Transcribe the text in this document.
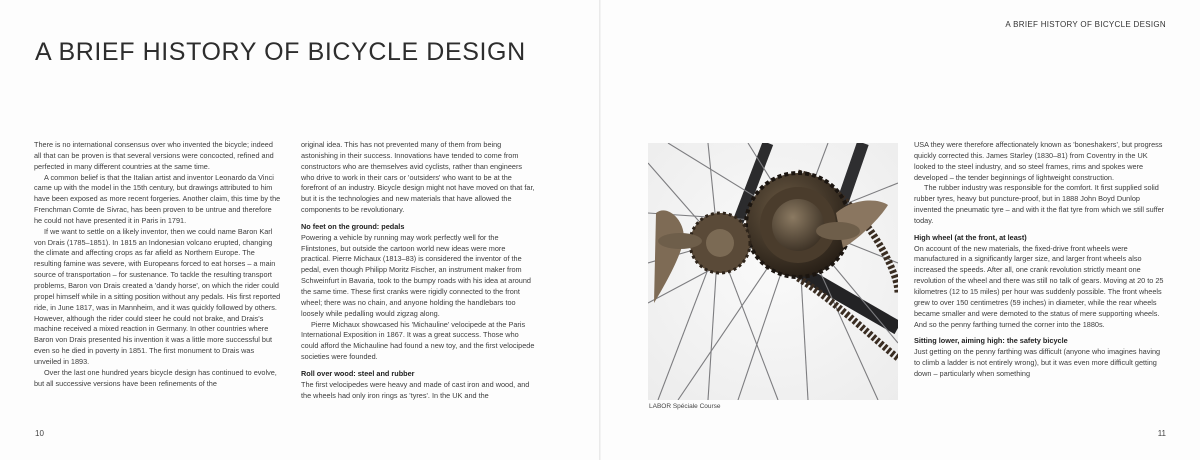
A BRIEF HISTORY OF BICYCLE DESIGN
A BRIEF HISTORY OF BICYCLE DESIGN

There is no international consensus over who invented the bicycle; indeed all that can be proven is that several versions were concocted, refined and perfected in many different countries at the same time.

A common belief is that the Italian artist and inventor Leonardo da Vinci came up with the model in the 15th century, but drawings attributed to him have been exposed as more recent forgeries. Another claim, this time by the Frenchman Comte de Sivrac, has been proven to be untrue and therefore he could not have presented it in Paris in 1791.

If we want to settle on a likely inventor, then we could name Baron Karl von Drais (1785–1851). In 1815 an Indonesian volcano erupted, changing the climate and affecting crops as far afield as Northern Europe. The resulting famine was severe, with Europeans forced to eat horses – a main source of transportation – for sustenance. To tackle the resulting transport problems, Baron von Drais created a 'dandy horse', on which the rider could propel himself while in a sitting position without any pedals. His first reported ride, in June 1817, was in Mannheim, and it was quickly followed by others. However, although the rider could steer he could not brake, and Drais's machine received a mixed reaction in Germany. In other countries where Baron von Drais presented his invention it was a little more successful but even so he died in poverty in 1851. The first monument to Drais was unveiled in 1893.

Over the last one hundred years bicycle design has continued to evolve, but all successive versions have been refinements of the

original idea. This has not prevented many of them from being astonishing in their success. Innovations have tended to come from constructors who are themselves avid cyclists, rather than engineers who drive to work in their cars or 'outsiders' who want to be at the forefront of an industry. Bicycle design might not have moved on that far, but it is the technologies and new materials that have allowed the components to be revolutionary.

No feet on the ground: pedals

Powering a vehicle by running may work perfectly well for the Flintstones, but outside the cartoon world new ideas were more practical. Pierre Michaux (1813–83) is considered the inventor of the pedal, even though Philipp Moritz Fischer, an instrument maker from Schweinfurt in Bavaria, took to the bumpy roads with his idea at around the same time. These first cranks were rigidly connected to the front wheel; there was no chain, and anyone holding the handlebars too loosely while pedalling would zigzag along.

Pierre Michaux showcased his 'Michauline' velocipede at the Paris International Exposition in 1867. It was a great success. Those who could afford the Michauline had found a new toy, and the first velocipede societies were founded.

Roll over wood: steel and rubber

The first velocipedes were heavy and made of cast iron and wood, and the wheels had only iron rings as 'tyres'. In the UK and the

LABOR Spéciale Course

USA they were therefore affectionately known as 'boneshakers', but progress quickly corrected this. James Starley (1830–81) from Coventry in the UK looked to the steel industry, and so steel frames, rims and spokes were developed – the tender beginnings of lightweight construction.

The rubber industry was responsible for the comfort. It first supplied solid rubber tyres, heavy but puncture-proof, but in 1888 John Boyd Dunlop invented the pneumatic tyre – and with it the flat tyre from which we still suffer today.

High wheel (at the front, at least)

On account of the new materials, the fixed-drive front wheels were manufactured in a significantly larger size, and larger front wheels also increased the speeds. After all, one crank revolution strictly meant one revolution of the wheel and there was still no talk of gears. Moving at 20 to 25 kilometres (12 to 15 miles) per hour was suddenly possible. The front wheels grew to over 150 centimetres (59 inches) in diameter, while the rear wheels became smaller and were demoted to the status of mere supporting wheels. And so the penny farthing turned the corner into the 1880s.

Sitting lower, aiming high: the safety bicycle

Just getting on the penny farthing was difficult (anyone who imagines having to climb a ladder is not entirely wrong), but it was even more difficult getting down – particularly when something

10	11
